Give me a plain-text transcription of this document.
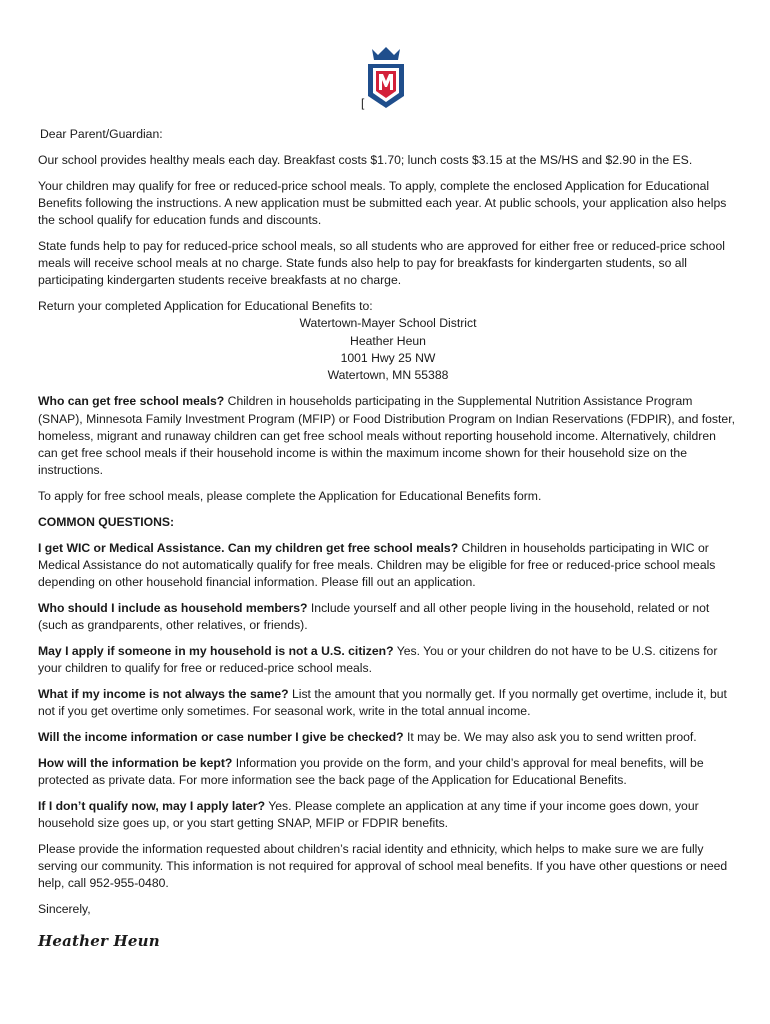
[

Dear Parent/Guardian:

Our school provides healthy meals each day. Breakfast costs $1.70; lunch costs $3.15 at the MS/HS and $2.90 in the ES.

Your children may qualify for free or reduced-price school meals. To apply, complete the enclosed Application for Educational Benefits following the instructions. A new application must be submitted each year. At public schools, your application also helps the school qualify for education funds and discounts.

State funds help to pay for reduced-price school meals, so all students who are approved for either free or reduced-price school meals will receive school meals at no charge. State funds also help to pay for breakfasts for kindergarten students, so all participating kindergarten students receive breakfasts at no charge.

Return your completed Application for Educational Benefits to:

Watertown-Mayer School District
Heather Heun
1001 Hwy 25 NW
Watertown, MN 55388

Who can get free school meals? Children in households participating in the Supplemental Nutrition Assistance Program (SNAP), Minnesota Family Investment Program (MFIP) or Food Distribution Program on Indian Reservations (FDPIR), and foster, homeless, migrant and runaway children can get free school meals without reporting household income. Alternatively, children can get free school meals if their household income is within the maximum income shown for their household size on the instructions.

To apply for free school meals, please complete the Application for Educational Benefits form.

COMMON QUESTIONS:

I get WIC or Medical Assistance. Can my children get free school meals? Children in households participating in WIC or Medical Assistance do not automatically qualify for free meals. Children may be eligible for free or reduced-price school meals depending on other household financial information. Please fill out an application.

Who should I include as household members? Include yourself and all other people living in the household, related or not (such as grandparents, other relatives, or friends).

May I apply if someone in my household is not a U.S. citizen? Yes. You or your children do not have to be U.S. citizens for your children to qualify for free or reduced-price school meals.

What if my income is not always the same? List the amount that you normally get. If you normally get overtime, include it, but not if you get overtime only sometimes. For seasonal work, write in the total annual income.

Will the income information or case number I give be checked? It may be. We may also ask you to send written proof.

How will the information be kept? Information you provide on the form, and your child’s approval for meal benefits, will be protected as private data. For more information see the back page of the Application for Educational Benefits.

If I don’t qualify now, may I apply later? Yes. Please complete an application at any time if your income goes down, your household size goes up, or you start getting SNAP, MFIP or FDPIR benefits.

Please provide the information requested about children’s racial identity and ethnicity, which helps to make sure we are fully serving our community. This information is not required for approval of school meal benefits. If you have other questions or need help, call 952-955-0480.

Sincerely,

Heather Heun
